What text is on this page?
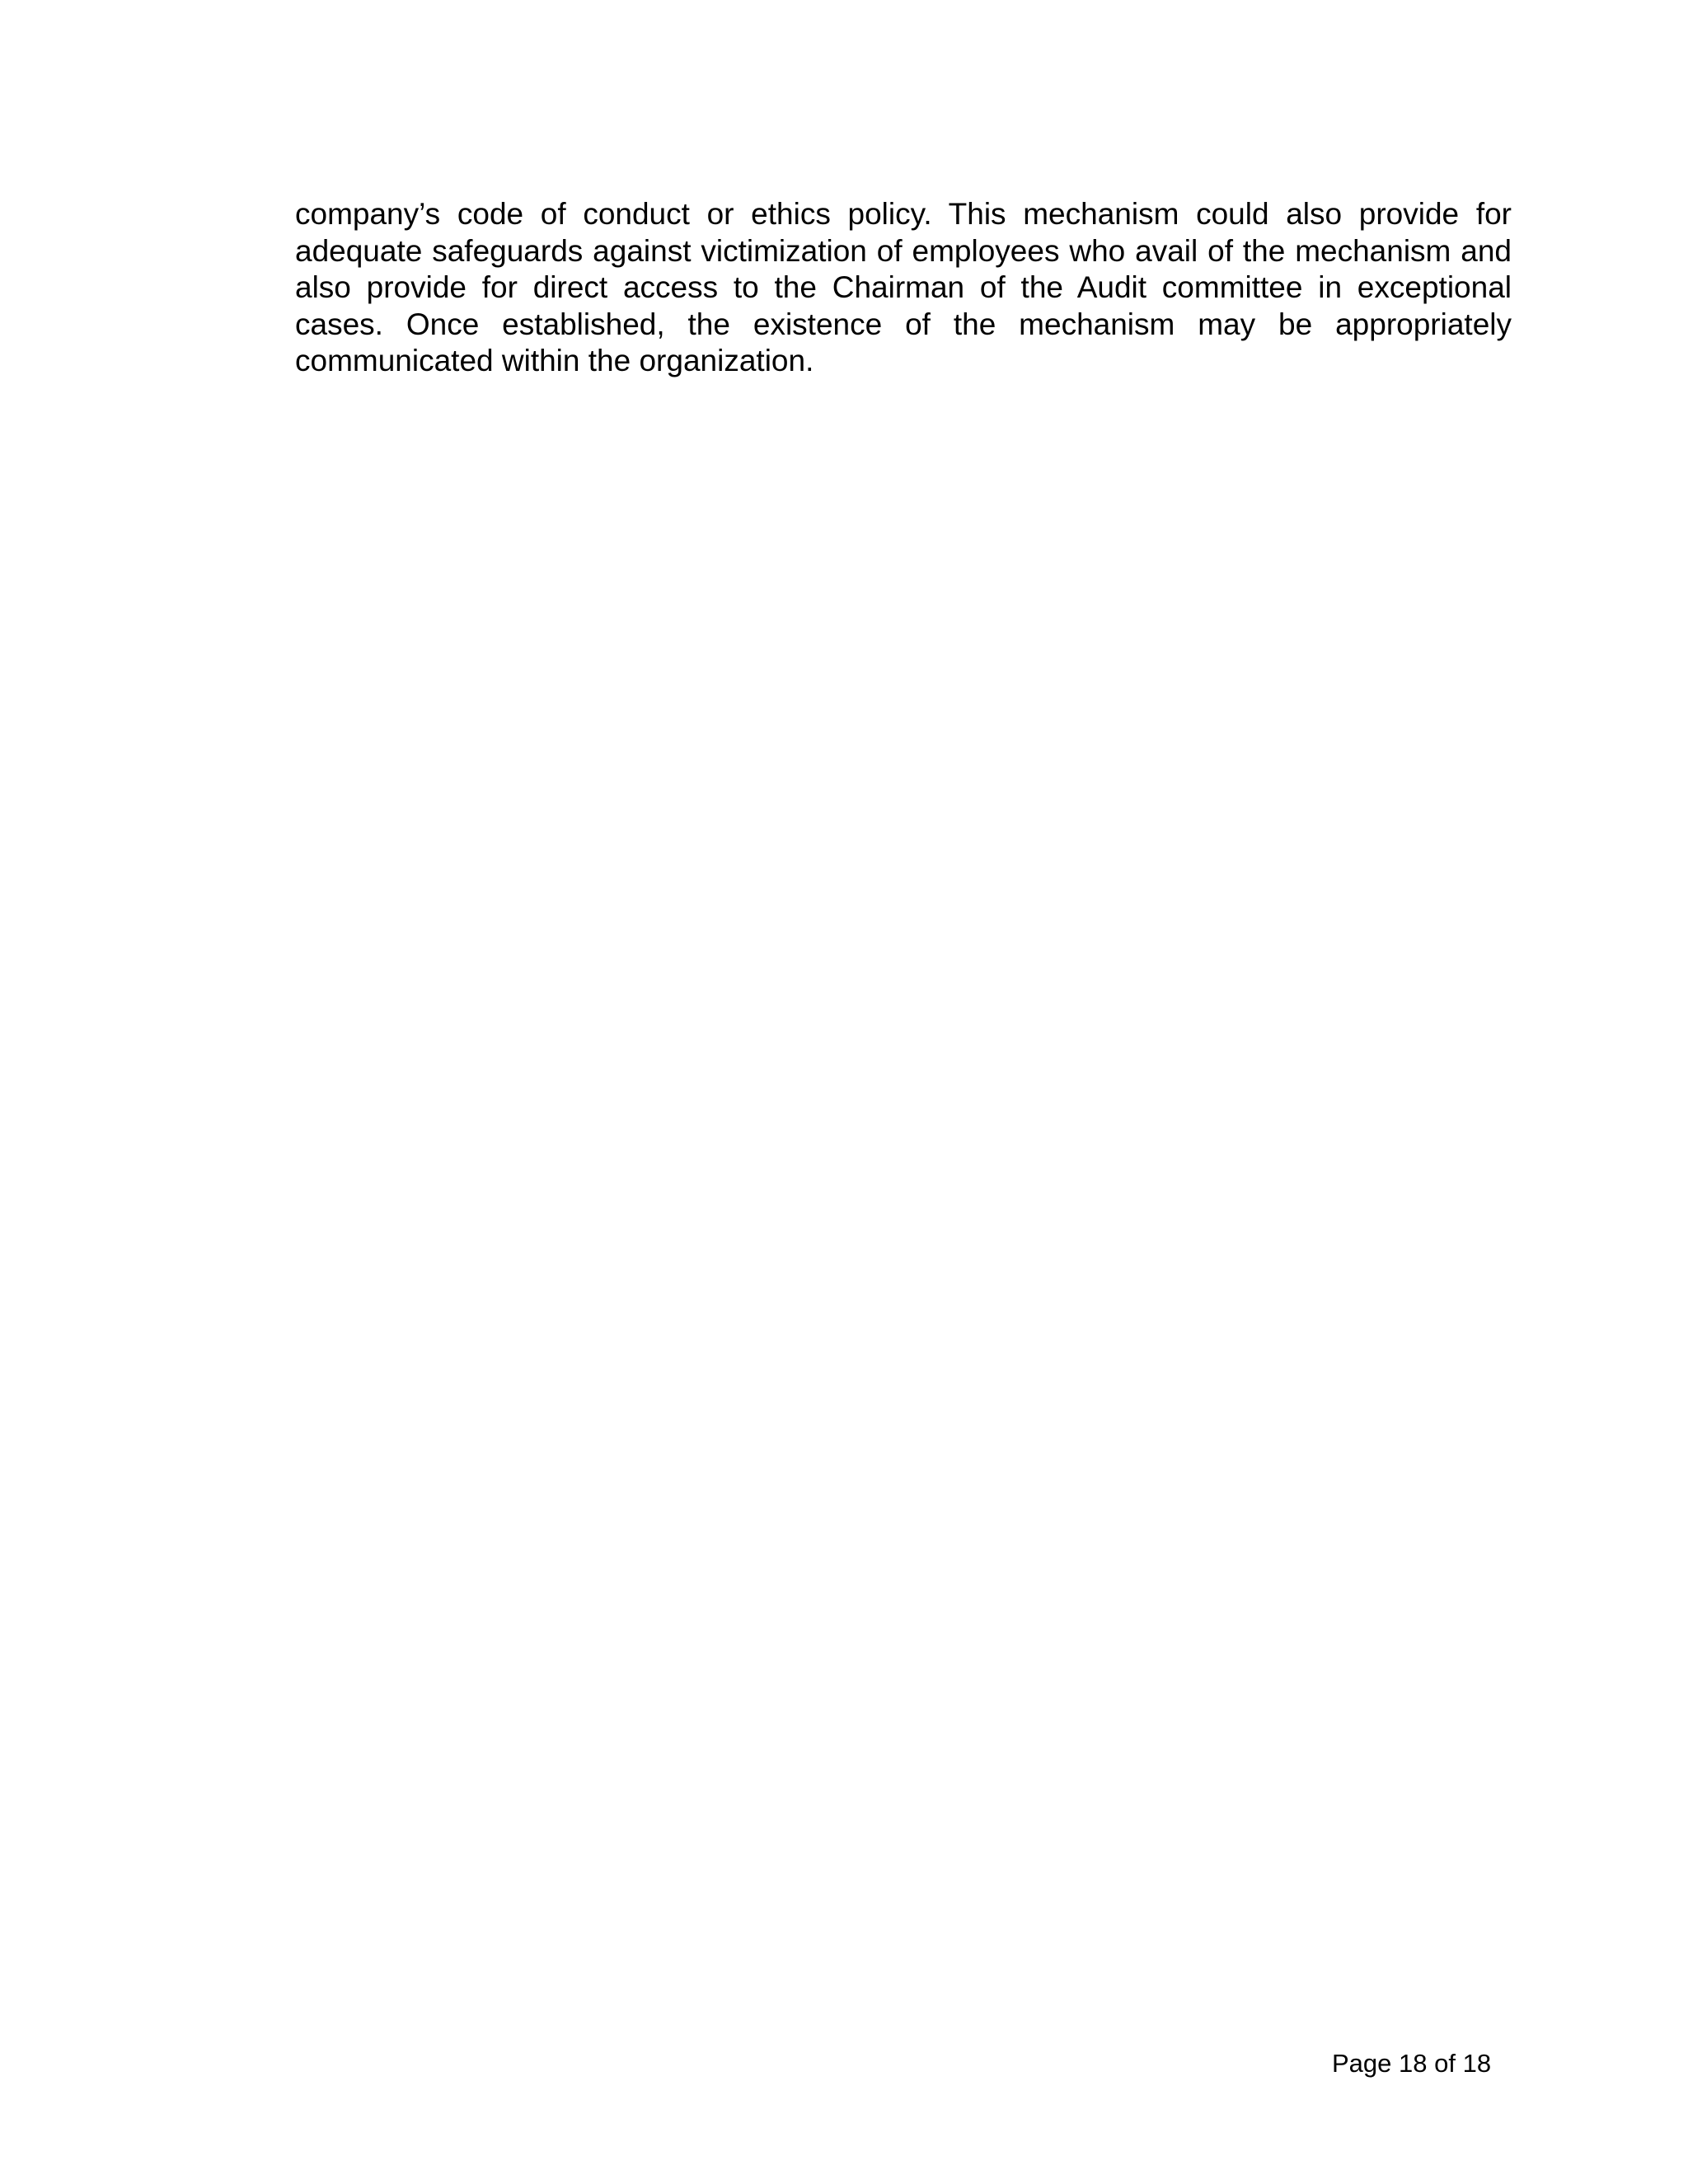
company’s code of conduct or ethics policy. This mechanism could also provide for adequate safeguards against victimization of employees who avail of the mechanism and also provide for direct access to the Chairman of the Audit committee in exceptional cases. Once established, the existence of the mechanism may be appropriately communicated within the organization.

Page 18 of 18
